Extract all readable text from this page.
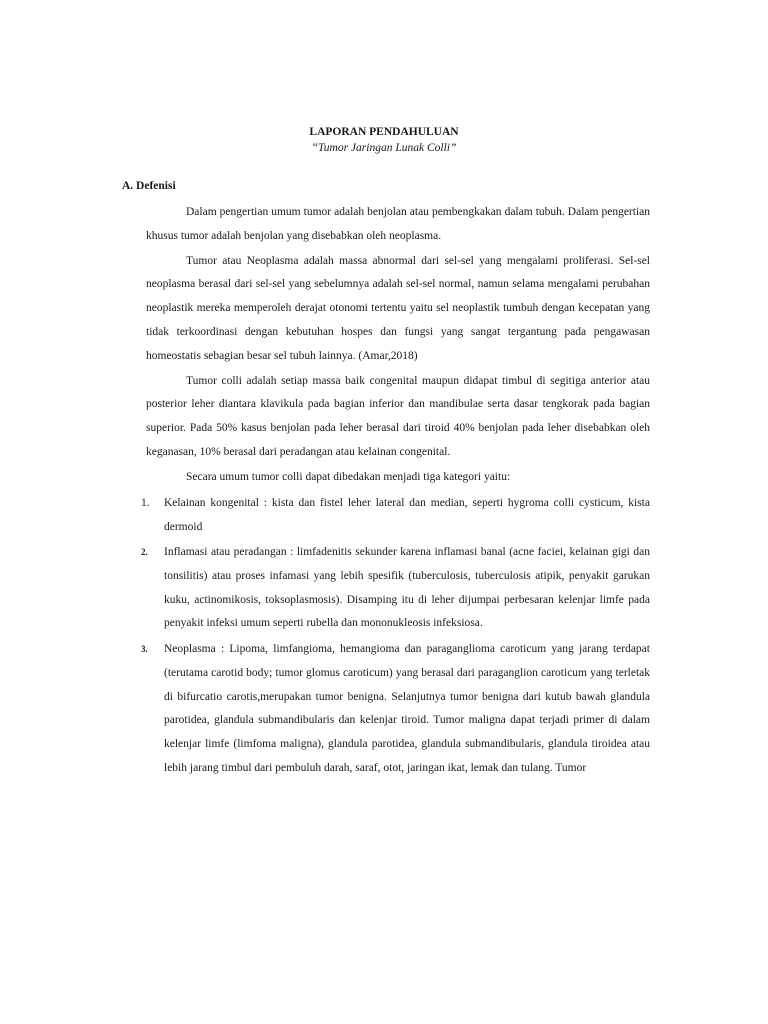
LAPORAN PENDAHULUAN
“Tumor Jaringan Lunak Colli”
A. Defenisi

Dalam pengertian umum tumor adalah benjolan atau pembengkakan dalam tubuh. Dalam pengertian khusus tumor adalah benjolan yang disebabkan oleh neoplasma.

Tumor atau Neoplasma adalah massa abnormal dari sel-sel yang mengalami proliferasi. Sel-sel neoplasma berasal dari sel-sel yang sebelumnya adalah sel-sel normal, namun selama mengalami perubahan neoplastik mereka memperoleh derajat otonomi tertentu yaitu sel neoplastik tumbuh dengan kecepatan yang tidak terkoordinasi dengan kebutuhan hospes dan fungsi yang sangat tergantung pada pengawasan homeostatis sebagian besar sel tubuh lainnya. (Amar,2018)

Tumor colli adalah setiap massa baik congenital maupun didapat timbul di segitiga anterior atau posterior leher diantara klavikula pada bagian inferior dan mandibulae serta dasar tengkorak pada bagian superior. Pada 50% kasus benjolan pada leher berasal dari tiroid 40% benjolan pada leher disebabkan oleh keganasan, 10% berasal dari peradangan atau kelainan congenital.

Secara umum tumor colli dapat dibedakan menjadi tiga kategori yaitu:

1. Kelainan kongenital : kista dan fistel leher lateral dan median, seperti hygroma colli cysticum, kista dermoid
2. Inflamasi atau peradangan : limfadenitis sekunder karena inflamasi banal (acne faciei, kelainan gigi dan tonsilitis) atau proses infamasi yang lebih spesifik (tuberculosis, tuberculosis atipik, penyakit garukan kuku, actinomikosis, toksoplasmosis). Disamping itu di leher dijumpai perbesaran kelenjar limfe pada penyakit infeksi umum seperti rubella dan mononukleosis infeksiosa.
3. Neoplasma : Lipoma, limfangioma, hemangioma dan paraganglioma caroticum yang jarang terdapat (terutama carotid body; tumor glomus caroticum) yang berasal dari paraganglion caroticum yang terletak di bifurcatio carotis,merupakan tumor benigna. Selanjutnya tumor benigna dari kutub bawah glandula parotidea, glandula submandibularis dan kelenjar tiroid. Tumor maligna dapat terjadi primer di dalam kelenjar limfe (limfoma maligna), glandula parotidea, glandula submandibularis, glandula tiroidea atau lebih jarang timbul dari pembuluh darah, saraf, otot, jaringan ikat, lemak dan tulang. Tumor
